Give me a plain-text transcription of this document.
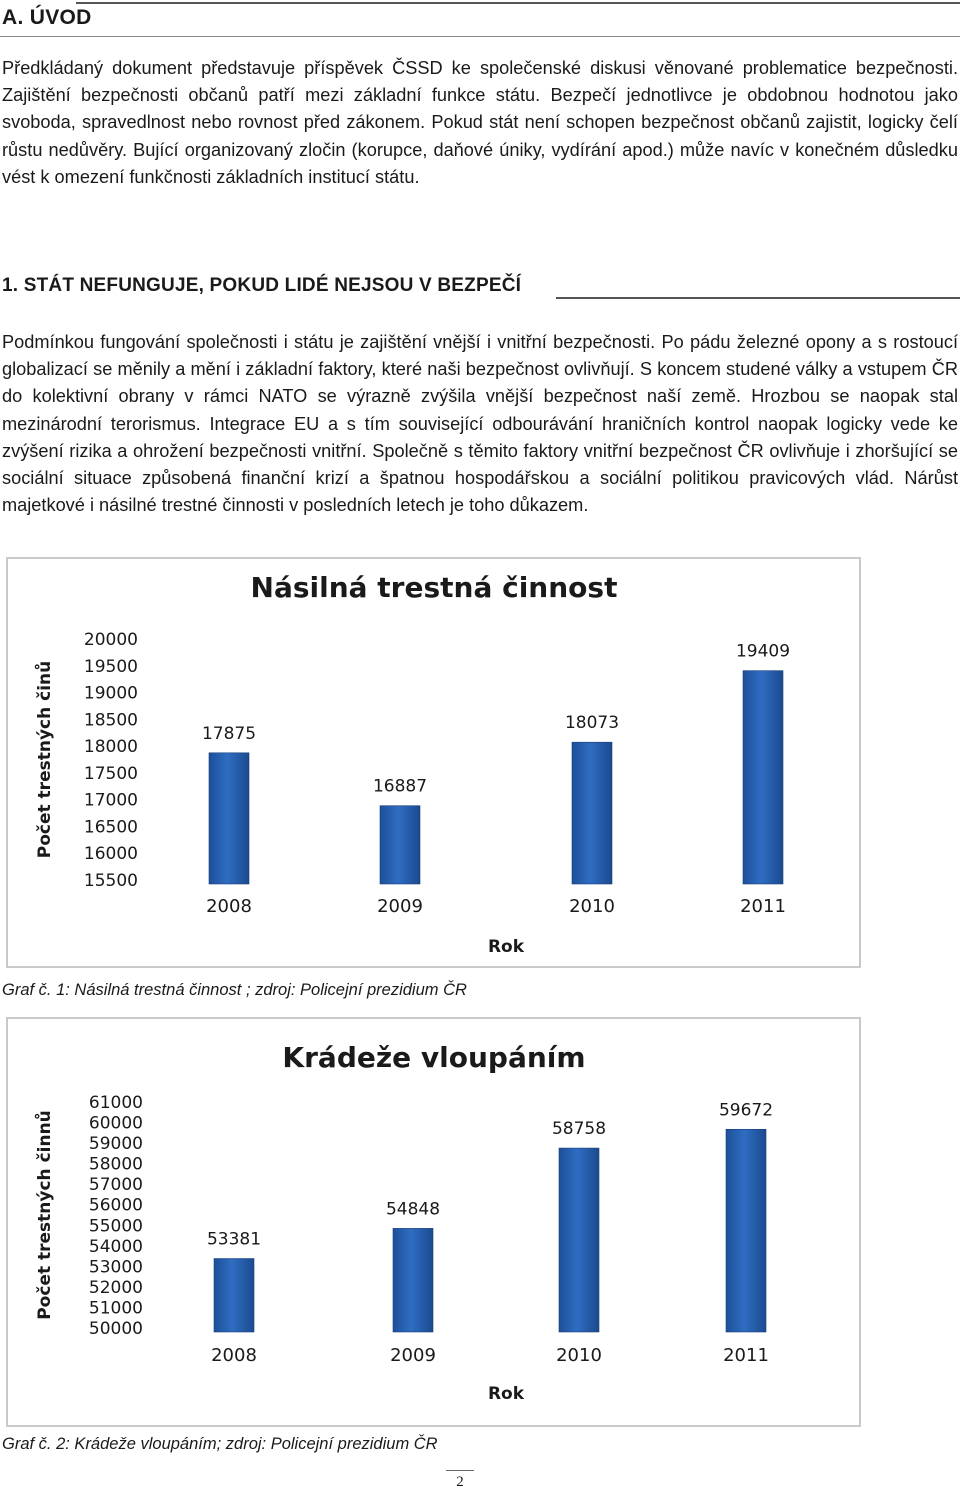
A. ÚVOD

Předkládaný dokument představuje příspěvek ČSSD ke společenské diskusi věnované problematice bezpečnosti. Zajištění bezpečnosti občanů patří mezi základní funkce státu. Bezpečí jednotlivce je obdobnou hodnotou jako svoboda, spravedlnost nebo rovnost před zákonem. Pokud stát není schopen bezpečnost občanů zajistit, logicky čelí růstu nedůvěry. Bující organizovaný zločin (korupce, daňové úniky, vydírání apod.) může navíc v konečném důsledku vést k omezení funkčnosti základních institucí státu.

1. STÁT NEFUNGUJE, POKUD LIDÉ NEJSOU V BEZPEČÍ

Podmínkou fungování společnosti i státu je zajištění vnější i vnitřní bezpečnosti. Po pádu železné opony a s rostoucí globalizací se měnily a mění i základní faktory, které naši bezpečnost ovlivňují. S koncem studené války a vstupem ČR do kolektivní obrany v rámci NATO se výrazně zvýšila vnější bezpečnost naší země. Hrozbou se naopak stal mezinárodní terorismus. Integrace EU a s tím související odbourávání hraničních kontrol naopak logicky vede ke zvýšení rizika a ohrožení bezpečnosti vnitřní. Společně s těmito faktory vnitřní bezpečnost ČR ovlivňuje i zhoršující se sociální situace způsobená finanční krizí a špatnou hospodářskou a sociální politikou pravicových vlád. Nárůst majetkové i násilné trestné činnosti v posledních letech je toho důkazem.

Násilná trestná činnost
Počet trestných činů
20000
19500
19000
18500
18000
17500
17000
16500
16000
15500
17875
2008
16887
2009
18073
2010
19409
2011
Rok
Graf č. 1: Násilná trestná činnost ; zdroj: Policejní prezidium ČR
Krádeže vloupáním
Počet trestných činnů
61000
60000
59000
58000
57000
56000
55000
54000
53000
52000
51000
50000
53381
2008
54848
2009
58758
2010
59672
2011
Rok
Graf č. 2: Krádeže vloupáním; zdroj: Policejní prezidium ČR
2
